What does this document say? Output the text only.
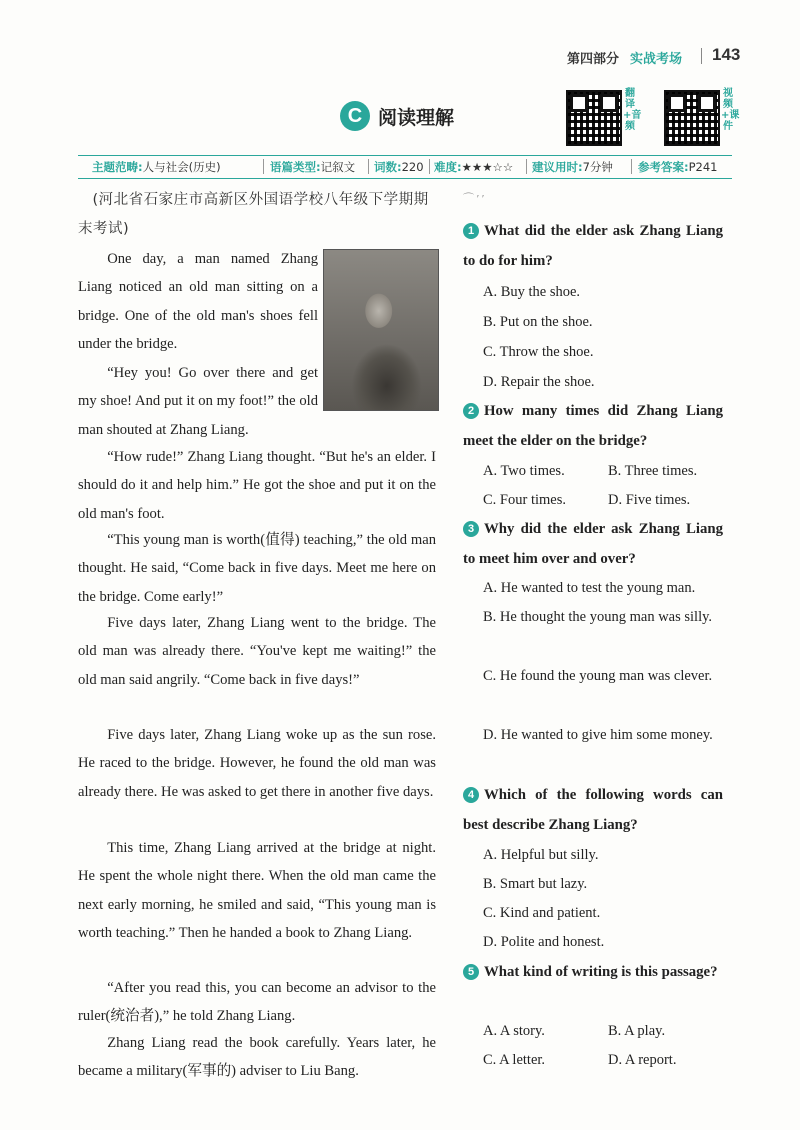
第四部分 实战考场 143
C 阅读理解
翻译+音频
视频+课件
主题范畴:人与社会(历史)	语篇类型:记叙文 词数:220 难度:★★★☆☆ 建议用时:7分钟 参考答案:P241
(河北省石家庄市高新区外国语学校八年级下学期期末考试)

One day, a man named Zhang Liang noticed an old man sitting on a bridge. One of the old man's shoes fell under the bridge.

“Hey you! Go over there and get my shoe! And put it on my foot!” the old man shouted at Zhang Liang.

“How rude!” Zhang Liang thought. “But he's an elder. I should do it and help him.” He got the shoe and put it on the old man's foot.

“This young man is worth(值得) teaching,” the old man thought. He said, “Come back in five days. Meet me here on the bridge. Come early!”

Five days later, Zhang Liang went to the bridge. The old man was already there. “You've kept me waiting!” the old man said angrily. “Come back in five days!”

Five days later, Zhang Liang woke up as the sun rose. He raced to the bridge. However, he found the old man was already there. He was asked to get there in another five days.

This time, Zhang Liang arrived at the bridge at night. He spent the whole night there. When the old man came the next early morning, he smiled and said, “This young man is worth teaching.” Then he handed a book to Zhang Liang.

“After you read this, you can become an advisor to the ruler(统治者),” he told Zhang Liang.

Zhang Liang read the book carefully. Years later, he became a military(军事的) adviser to Liu Bang.

⌒ ′ ′
1 What did the elder ask Zhang Liang to do for him?
A. Buy the shoe.
B. Put on the shoe.
C. Throw the shoe.
D. Repair the shoe.
2 How many times did Zhang Liang meet the elder on the bridge?
A. Two times.	B. Three times.
C. Four times.	D. Five times.
3 Why did the elder ask Zhang Liang to meet him over and over?
A. He wanted to test the young man.
B. He thought the young man was silly.
C. He found the young man was clever.
D. He wanted to give him some money.
4 Which of the following words can best describe Zhang Liang?
A. Helpful but silly.
B. Smart but lazy.
C. Kind and patient.
D. Polite and honest.
5 What kind of writing is this passage?
A. A story.	B. A play.
C. A letter.	D. A report.
